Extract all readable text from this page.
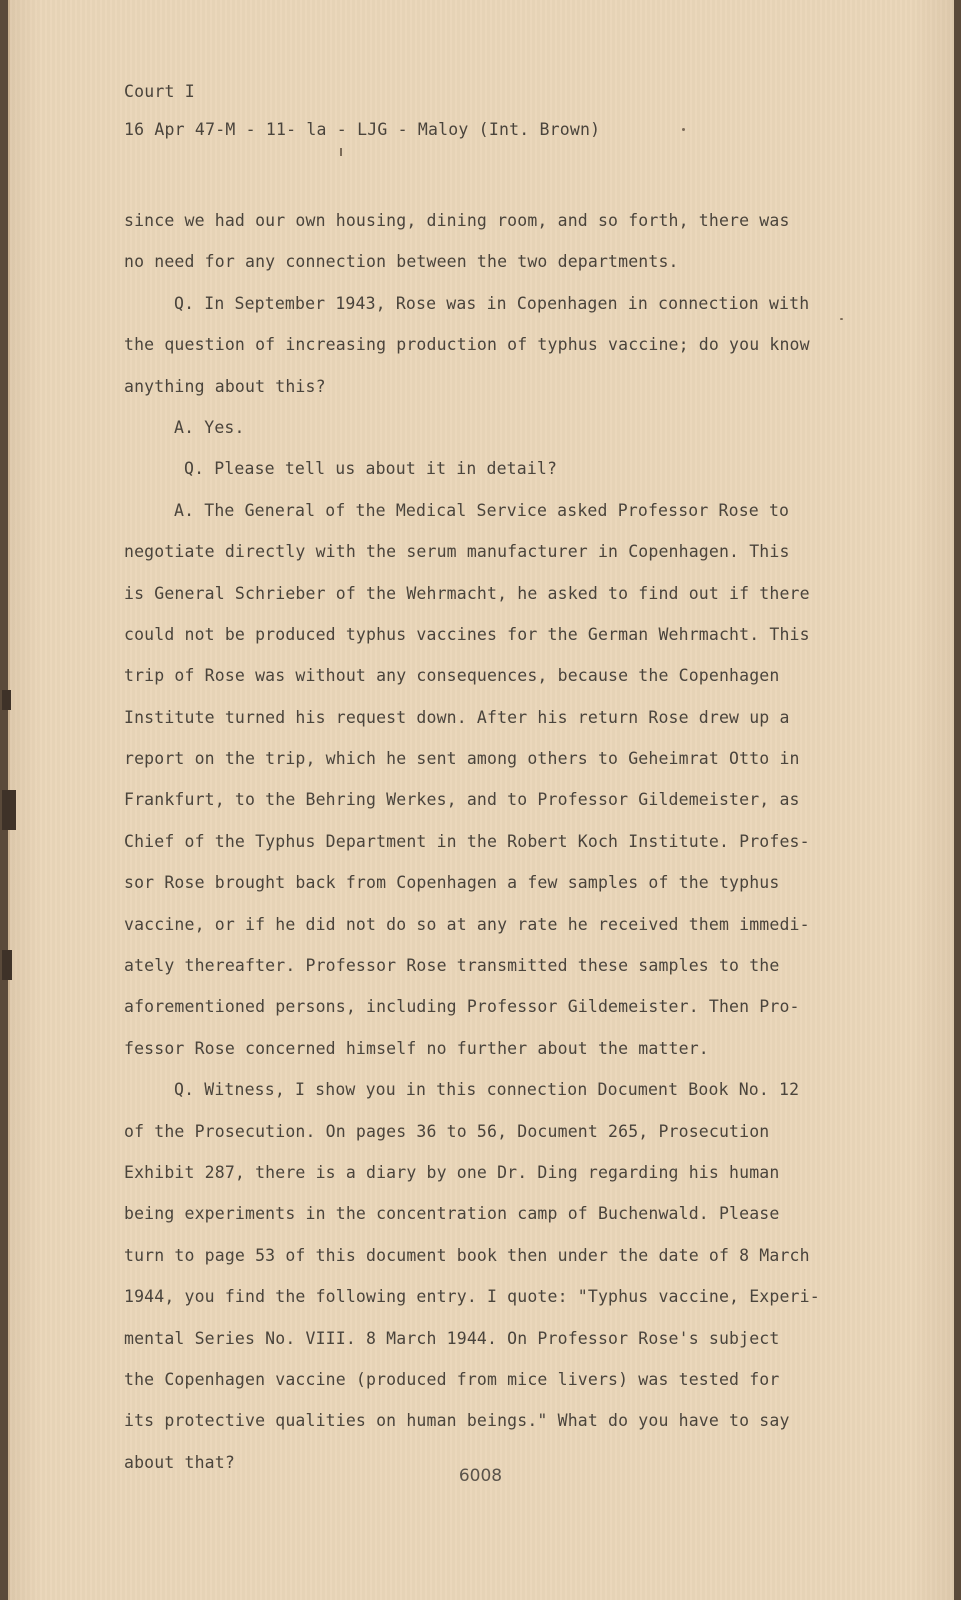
Court I
16 Apr 47-M - 11- la - LJG - Maloy (Int. Brown)
since we had our own housing, dining room, and so forth, there was
no need for any connection between the two departments.
Q. In September 1943, Rose was in Copenhagen in connection with
the question of increasing production of typhus vaccine; do you know
anything about this?
A. Yes.
Q. Please tell us about it in detail?
A. The General of the Medical Service asked Professor Rose to
negotiate directly with the serum manufacturer in Copenhagen. This
is General Schrieber of the Wehrmacht, he asked to find out if there
could not be produced typhus vaccines for the German Wehrmacht. This
trip of Rose was without any consequences, because the Copenhagen
Institute turned his request down. After his return Rose drew up a
report on the trip, which he sent among others to Geheimrat Otto in
Frankfurt, to the Behring Werkes, and to Professor Gildemeister, as
Chief of the Typhus Department in the Robert Koch Institute. Profes-
sor Rose brought back from Copenhagen a few samples of the typhus
vaccine, or if he did not do so at any rate he received them immedi-
ately thereafter. Professor Rose transmitted these samples to the
aforementioned persons, including Professor Gildemeister. Then Pro-
fessor Rose concerned himself no further about the matter.
Q. Witness, I show you in this connection Document Book No. 12
of the Prosecution. On pages 36 to 56, Document 265, Prosecution
Exhibit 287, there is a diary by one Dr. Ding regarding his human
being experiments in the concentration camp of Buchenwald. Please
turn to page 53 of this document book then under the date of 8 March
1944, you find the following entry. I quote: "Typhus vaccine, Experi-
mental Series No. VIII. 8 March 1944. On Professor Rose's subject
the Copenhagen vaccine (produced from mice livers) was tested for
its protective qualities on human beings." What do you have to say
about that?
6008
